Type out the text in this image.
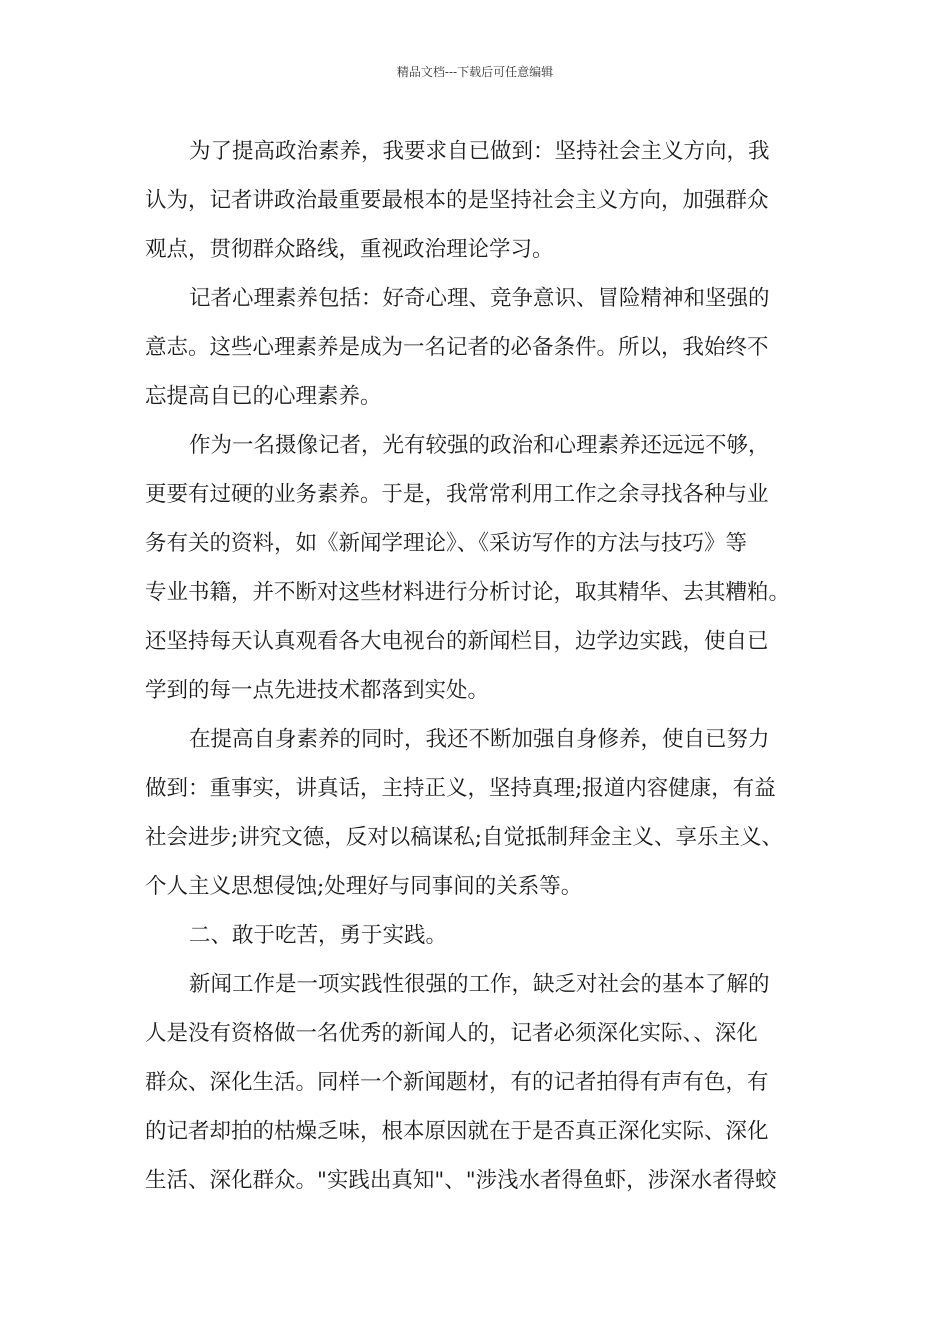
精品文档---下载后可任意编辑
为了提高政治素养，我要求自已做到：坚持社会主义方向，我
认为，记者讲政治最重要最根本的是坚持社会主义方向，加强群众
观点，贯彻群众路线，重视政治理论学习。
记者心理素养包括：好奇心理、竞争意识、冒险精神和坚强的
意志。这些心理素养是成为一名记者的必备条件。所以，我始终不
忘提高自已的心理素养。
作为一名摄像记者，光有较强的政治和心理素养还远远不够，
更要有过硬的业务素养。于是，我常常利用工作之余寻找各种与业
务有关的资料，如《新闻学理论》、《采访写作的方法与技巧》等
专业书籍，并不断对这些材料进行分析讨论，取其精华、去其糟粕。
还坚持每天认真观看各大电视台的新闻栏目，边学边实践，使自已
学到的每一点先进技术都落到实处。
在提高自身素养的同时，我还不断加强自身修养，使自已努力
做到：重事实，讲真话，主持正义，坚持真理;报道内容健康，有益
社会进步;讲究文德，反对以稿谋私;自觉抵制拜金主义、享乐主义、
个人主义思想侵蚀;处理好与同事间的关系等。
二、敢于吃苦，勇于实践。
新闻工作是一项实践性很强的工作，缺乏对社会的基本了解的
人是没有资格做一名优秀的新闻人的，记者必须深化实际、、深化
群众、深化生活。同样一个新闻题材，有的记者拍得有声有色，有
的记者却拍的枯燥乏味，根本原因就在于是否真正深化实际、深化
生活、深化群众。"实践出真知"、"涉浅水者得鱼虾，涉深水者得蛟
